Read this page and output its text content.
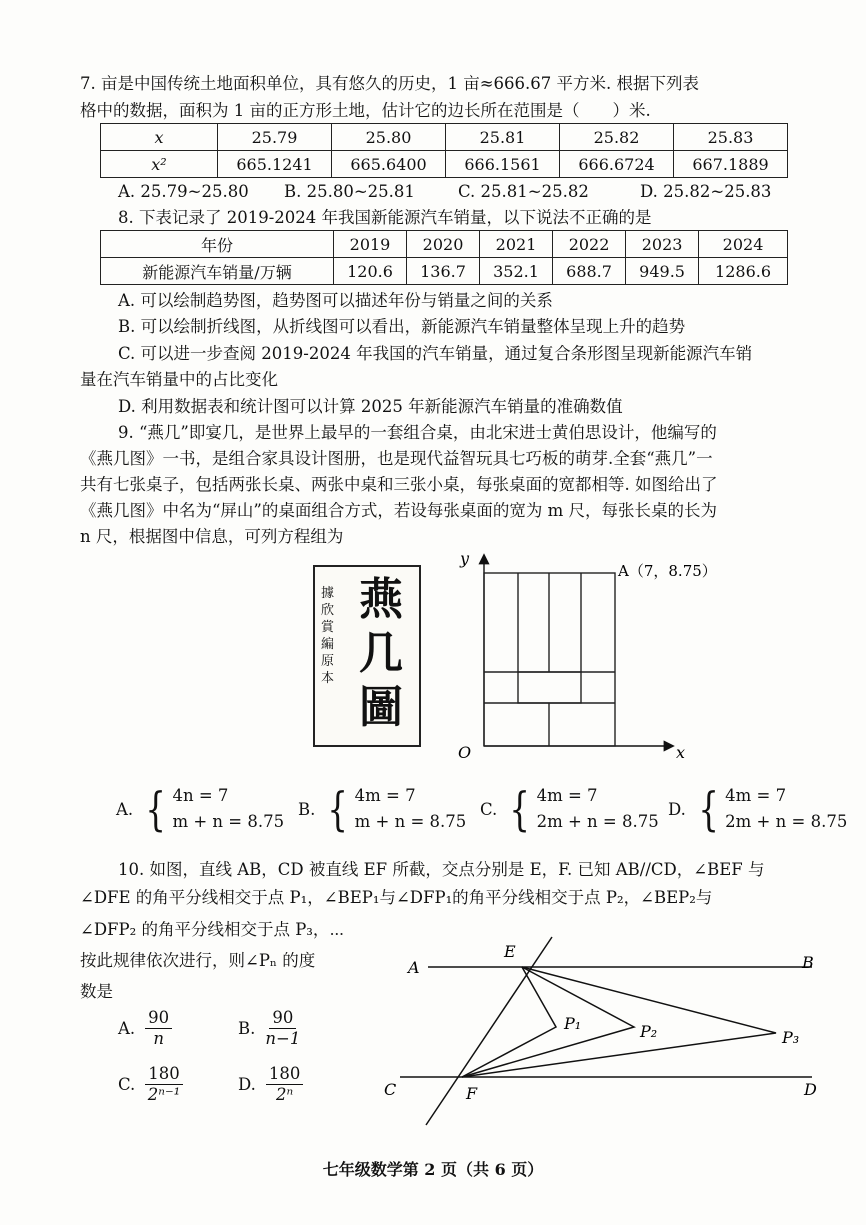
7. 亩是中国传统土地面积单位，具有悠久的历史，1 亩≈666.67 平方米. 根据下列表
格中的数据，面积为 1 亩的正方形土地，估计它的边长所在范围是（　　）米.
x	25.79	25.80	25.81	25.82	25.83
x²	665.1241	665.6400	666.1561	666.6724	667.1889
A. 25.79~25.80 B. 25.80~25.81	C. 25.81~25.82	D. 25.82~25.83
8. 下表记录了 2019-2024 年我国新能源汽车销量，以下说法不正确的是
年份	2019	2020	2021	2022	2023	2024
新能源汽车销量/万辆	120.6	136.7	352.1	688.7	949.5	1286.6
A. 可以绘制趋势图，趋势图可以描述年份与销量之间的关系
B. 可以绘制折线图，从折线图可以看出，新能源汽车销量整体呈现上升的趋势
C. 可以进一步查阅 2019-2024 年我国的汽车销量，通过复合条形图呈现新能源汽车销
量在汽车销量中的占比变化
D. 利用数据表和统计图可以计算 2025 年新能源汽车销量的准确数值
9. “燕几”即宴几，是世界上最早的一套组合桌，由北宋进士黄伯思设计，他编写的
《燕几图》一书，是组合家具设计图册，也是现代益智玩具七巧板的萌芽.全套“燕几”一
共有七张桌子，包括两张长桌、两张中桌和三张小桌，每张桌面的宽都相等. 如图给出了
《燕几图》中名为“屏山”的桌面组合方式，若设每张桌面的宽为 m 尺，每张长桌的长为
n 尺，根据图中信息，可列方程组为
據欣賞編原本
燕
几
圖
x
y
O
A（7，8.75）
A. { 4n = 7
m + n = 8.75
B. { 4m = 7
m + n = 8.75
C. { 4m = 7
2m + n = 8.75
D. { 4m = 7
2m + n = 8.75
10. 如图，直线 AB，CD 被直线 EF 所截，交点分别是 E，F. 已知 AB//CD，∠BEF 与
∠DFE 的角平分线相交于点 P₁，∠BEP₁与∠DFP₁的角平分线相交于点 P₂，∠BEP₂与
∠DFP₂ 的角平分线相交于点 P₃，⋯
按此规律依次进行，则∠Pₙ 的度
数是
A. $\frac{90}{n}$	B. $\frac{90}{n-1}$
C. $\frac{180}{\text{2ⁿ⁻¹}}$	D. $\frac{180}{\text{2ⁿ}}$
A	B
C	D
E
F
P₁	P₂	P₃
七年级数学第 2 页（共 6 页）
